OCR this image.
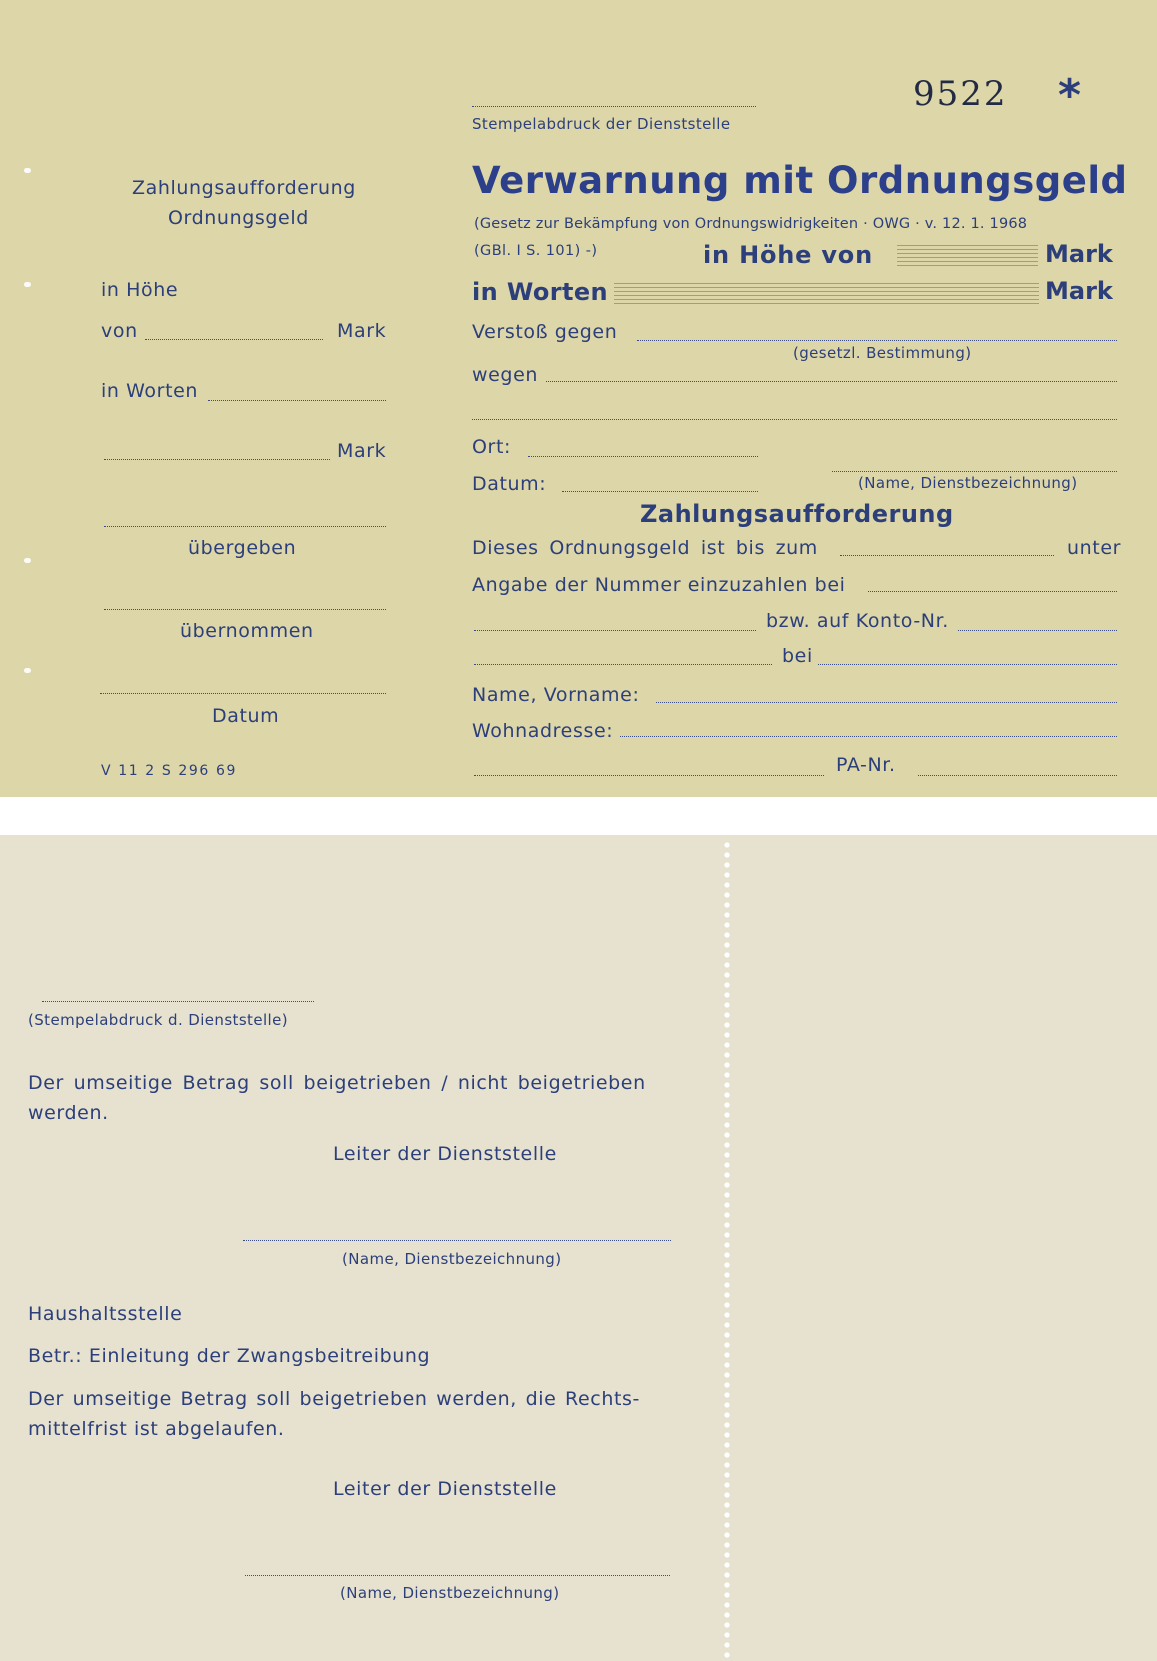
9522 *
Zahlungsaufforderung
Ordnungsgeld
in Höhe
von	Mark
in Worten
Mark
übergeben
übernommen
Datum
V 11 2 S 296 69
Stempelabdruck der Dienststelle
Verwarnung mit Ordnungsgeld
(Gesetz zur Bekämpfung von Ordnungswidrigkeiten · OWG · v. 12. 1. 1968
(GBl. I S. 101) -)	in Höhe von	Mark
in Worten	Mark
Verstoß gegen
(gesetzl. Bestimmung)
wegen
Ort:
Datum:	(Name, Dienstbezeichnung)
Zahlungsaufforderung
Dieses Ordnungsgeld ist bis zum	unter
Angabe der Nummer einzuzahlen bei
bzw. auf Konto-Nr.
bei
Name, Vorname:
Wohnadresse:
PA-Nr.
(Stempelabdruck d. Dienststelle)
Der umseitige Betrag soll beigetrieben / nicht beigetrieben
werden.
Leiter der Dienststelle
(Name, Dienstbezeichnung)
Haushaltsstelle
Betr.: Einleitung der Zwangsbeitreibung
Der umseitige Betrag soll beigetrieben werden, die Rechts-
mittelfrist ist abgelaufen.
Leiter der Dienststelle
(Name, Dienstbezeichnung)
